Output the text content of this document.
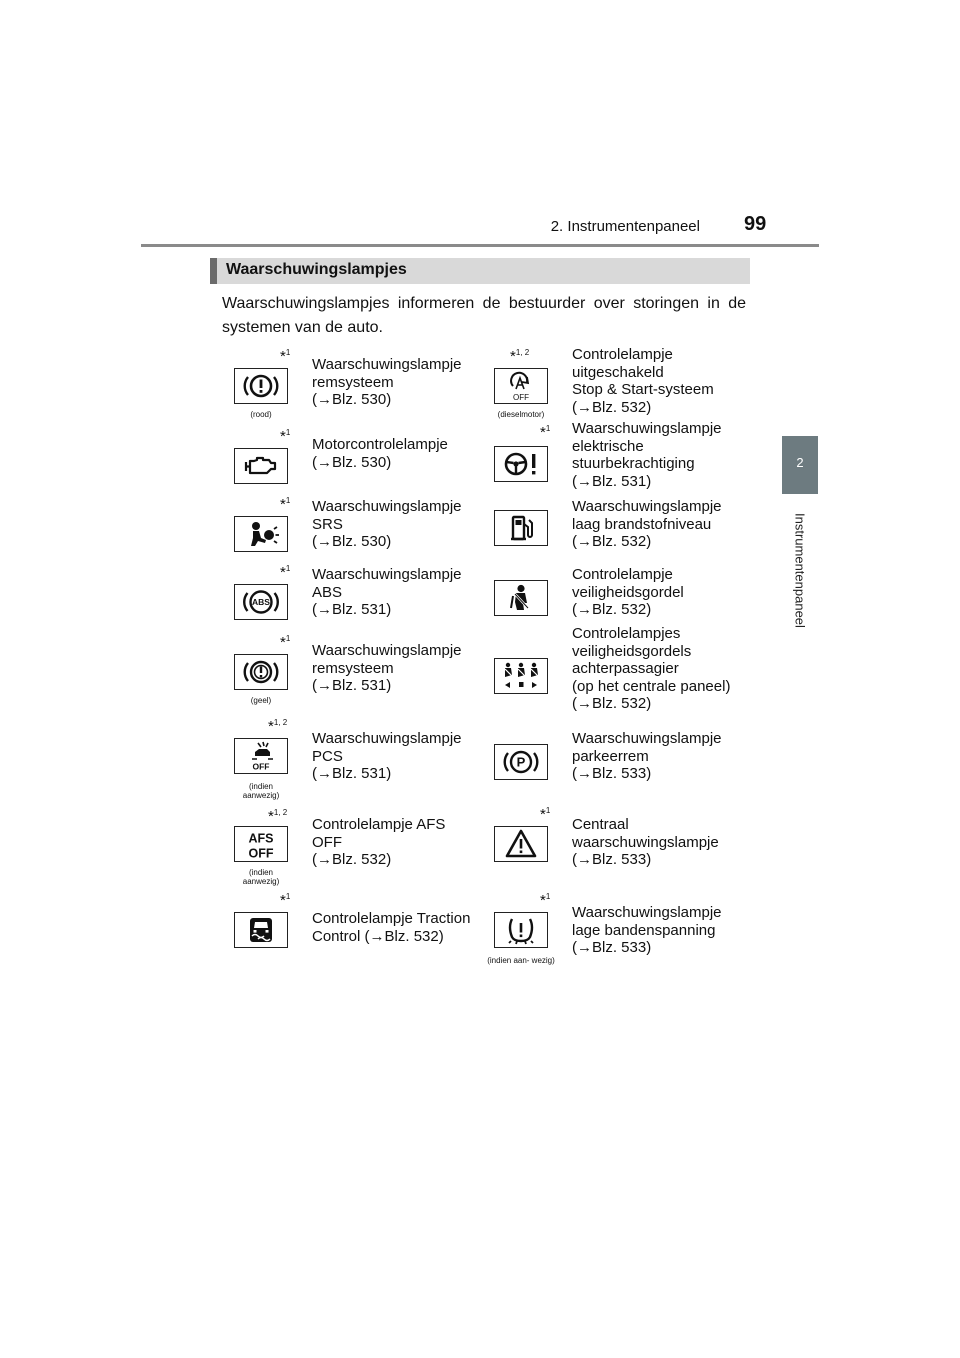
2. Instrumentenpaneel 99
2
Instrumentenpaneel
Waarschuwingslampjes
Waarschuwingslampjes informeren de bestuurder over storingen in de systemen van de auto.
*$^1$
(rood)
Waarschuwingslampje
remsysteem
(→Blz. 530)
*$^{1, 2}$
OFF
(dieselmotor)
Controlelampje
uitgeschakeld
Stop & Start-systeem
(→Blz. 532)
*$^1$
Motorcontrolelampje
(→Blz. 530)
*$^1$ Waarschuwingslampje
elektrische
stuurbekrachtiging
(→Blz. 531)
*$^1$ Waarschuwingslampje
SRS
(→Blz. 530)
Waarschuwingslampje
laag brandstofniveau
(→Blz. 532)
*$^1$
ABS
Waarschuwingslampje
ABS
(→Blz. 531)
Controlelampje
veiligheidsgordel
(→Blz. 532)
*$^1$
(geel)
Waarschuwingslampje
remsysteem
(→Blz. 531)
Controlelampjes
veiligheidsgordels
achterpassagier
(op het centrale paneel)
(→Blz. 532)
*$^{1, 2}$
OFF
(indien aanwezig)
Waarschuwingslampje
PCS
(→Blz. 531)
P
Waarschuwingslampje
parkeerrem
(→Blz. 533)
*$^{1, 2}$
AFS
OFF
(indien aanwezig)
Controlelampje AFS
OFF
(→Blz. 532)
*$^1$
Centraal
waarschuwingslampje
(→Blz. 533)
*$^1$
Controlelampje Traction
Control (→Blz. 532)
*$^1$
(indien aan- wezig)
Waarschuwingslampje
lage bandenspanning
(→Blz. 533)
